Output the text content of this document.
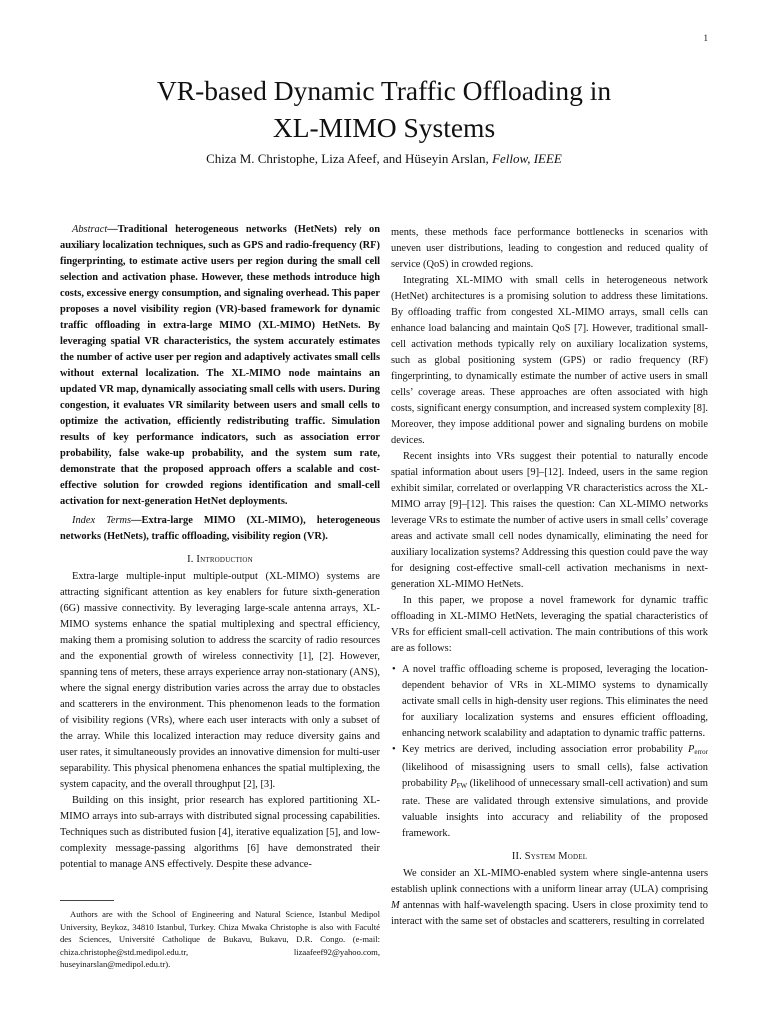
1
VR-based Dynamic Traffic Offloading in
XL-MIMO Systems
Chiza M. Christophe, Liza Afeef, and Hüseyin Arslan, Fellow, IEEE

Abstract—Traditional heterogeneous networks (HetNets) rely on auxiliary localization techniques, such as GPS and radio-frequency (RF) fingerprinting, to estimate active users per region during the small cell selection and activation phase. However, these methods introduce high costs, excessive energy consumption, and signaling overhead. This paper proposes a novel visibility region (VR)-based framework for dynamic traffic offloading in extra-large MIMO (XL-MIMO) HetNets. By leveraging spatial VR characteristics, the system accurately estimates the number of active user per region and adaptively activates small cells without external localization. The XL-MIMO node maintains an updated VR map, dynamically associating small cells with users. During congestion, it evaluates VR similarity between users and small cells to optimize the activation, efficiently redistributing traffic. Simulation results of key performance indicators, such as association error probability, false wake-up probability, and the system sum rate, demonstrate that the proposed approach offers a scalable and cost-effective solution for crowded regions identification and small-cell activation for next-generation HetNet deployments.

Index Terms—Extra-large MIMO (XL-MIMO), heterogeneous networks (HetNets), traffic offloading, visibility region (VR).

I. Introduction

Extra-large multiple-input multiple-output (XL-MIMO) systems are attracting significant attention as key enablers for future sixth-generation (6G) massive connectivity. By leveraging large-scale antenna arrays, XL-MIMO systems enhance the spatial multiplexing and spectral efficiency, making them a promising solution to address the scarcity of radio resources and the exponential growth of wireless connectivity [1], [2]. However, spanning tens of meters, these arrays experience array non-stationary (ANS), where the signal energy distribution varies across the array due to obstacles and scatterers in the environment. This phenomenon leads to the formation of visibility regions (VRs), where each user interacts with only a subset of the array. While this localized interaction may reduce diversity gains and user rates, it simultaneously provides an innovative dimension for multi-user separability. This physical phenomena enhances the spatial multiplexing, the system capacity, and the overall throughput [2], [3].

Building on this insight, prior research has explored partitioning XL-MIMO arrays into sub-arrays with distributed signal processing capabilities. Techniques such as distributed fusion [4], iterative equalization [5], and low-complexity message-passing algorithms [6] have demonstrated their potential to manage ANS effectively. Despite these advance-

Authors are with the School of Engineering and Natural Science, Istanbul Medipol University, Beykoz, 34810 Istanbul, Turkey. Chiza Mwaka Christophe is also with Faculté des Sciences, Université Catholique de Bukavu, Bukavu, D.R. Congo. (e-mail: chiza.christophe@std.medipol.edu.tr, lizaafeef92@yahoo.com, huseyinarslan@medipol.edu.tr).

ments, these methods face performance bottlenecks in scenarios with uneven user distributions, leading to congestion and reduced quality of service (QoS) in crowded regions.

Integrating XL-MIMO with small cells in heterogeneous network (HetNet) architectures is a promising solution to address these limitations. By offloading traffic from congested XL-MIMO arrays, small cells can enhance load balancing and maintain QoS [7]. However, traditional small-cell activation methods typically rely on auxiliary localization systems, such as global positioning system (GPS) or radio frequency (RF) fingerprinting, to dynamically estimate the number of active users in small cells’ coverage areas. These approaches are often associated with high costs, significant energy consumption, and increased system complexity [8]. Moreover, they impose additional power and signaling burdens on mobile devices.

Recent insights into VRs suggest their potential to naturally encode spatial information about users [9]–[12]. Indeed, users in the same region exhibit similar, correlated or overlapping VR characteristics across the XL-MIMO array [9]–[12]. This raises the question: Can XL-MIMO networks leverage VRs to estimate the number of active users in small cells’ coverage areas and activate small cell nodes dynamically, eliminating the need for auxiliary localization systems? Addressing this question could pave the way for designing cost-effective small-cell activation mechanisms in next-generation XL-MIMO HetNets.

In this paper, we propose a novel framework for dynamic traffic offloading in XL-MIMO HetNets, leveraging the spatial characteristics of VRs for efficient small-cell activation. The main contributions of this work are as follows:

• A novel traffic offloading scheme is proposed, leveraging the location-dependent behavior of VRs in XL-MIMO systems to dynamically activate small cells in high-density user regions. This eliminates the need for auxiliary localization systems and ensures efficient offloading, enhancing network scalability and adaptation to dynamic traffic patterns.
• Key metrics are derived, including association error probability $P_{error}$ (likelihood of misassigning users to small cells), false activation probability $P_{FW}$ (likelihood of unnecessary small-cell activation) and sum rate. These are validated through extensive simulations, and provide valuable insights into accuracy and reliability of the proposed framework.

II. System Model

We consider an XL-MIMO-enabled system where single-antenna users establish uplink connections with a uniform linear array (ULA) comprising M antennas with half-wavelength spacing. Users in close proximity tend to interact with the same set of obstacles and scatterers, resulting in correlated
